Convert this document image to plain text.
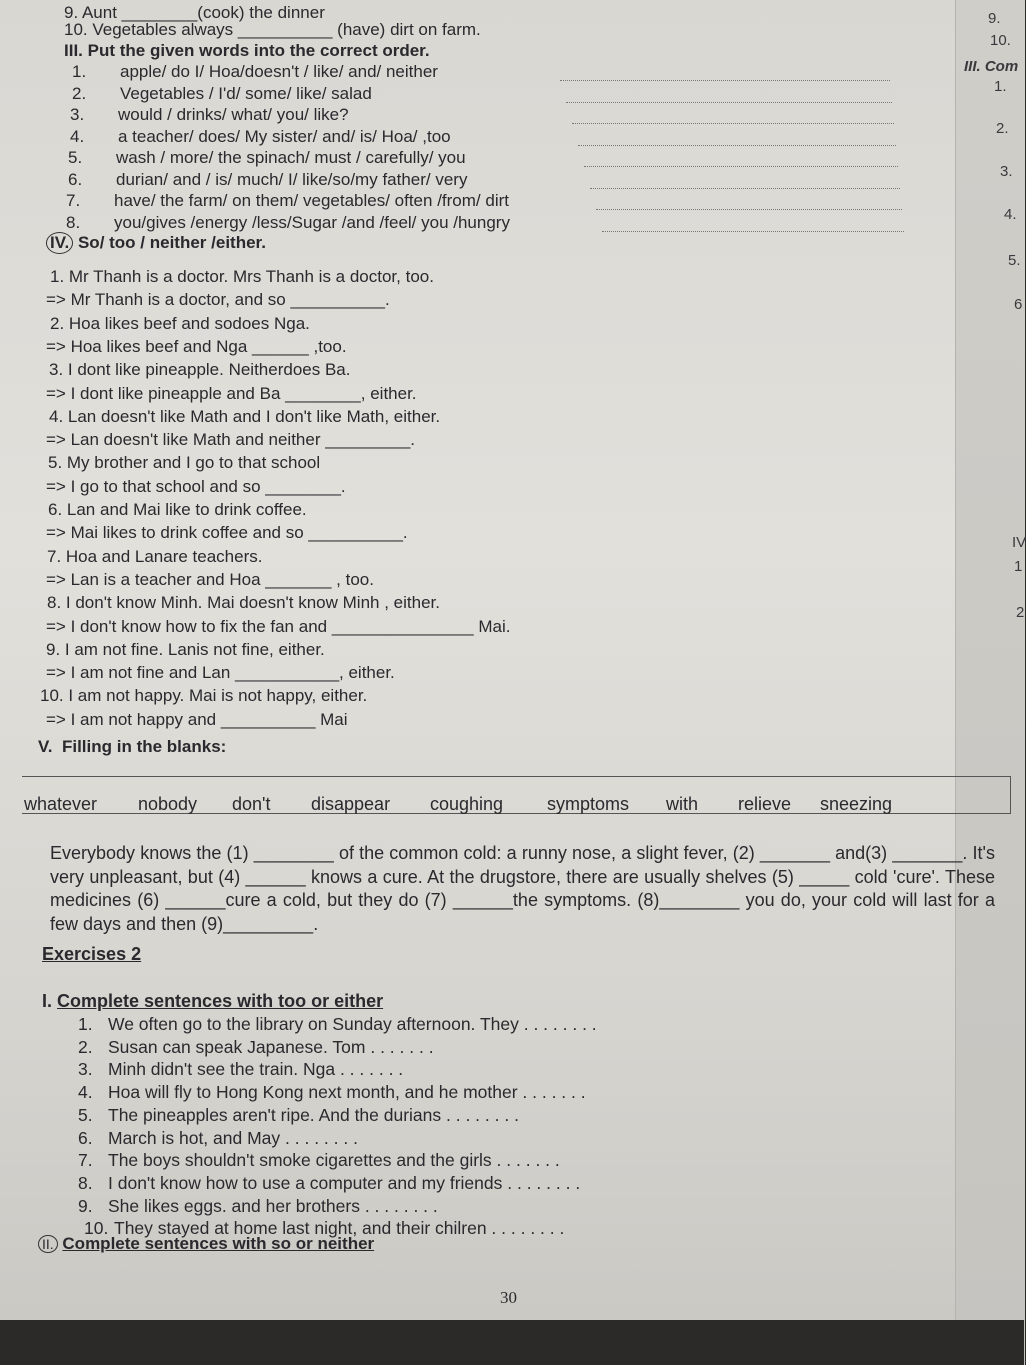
9.
10.
III. Com
1.
2.
3.
4.
5.
6
IV
1
2
9. Aunt ________(cook) the dinner
10. Vegetables always __________ (have) dirt on farm.
III. Put the given words into the correct order.
1. apple/ do I/ Hoa/doesn't / like/ and/ neither
2. Vegetables / I'd/ some/ like/ salad
3. would / drinks/ what/ you/ like?
4. a teacher/ does/ My sister/ and/ is/ Hoa/ ,too
5. wash / more/ the spinach/ must / carefully/ you
6. durian/ and / is/ much/ I/ like/so/my father/ very
7. have/ the farm/ on them/ vegetables/ often /from/ dirt
8. you/gives /energy /less/Sugar /and /feel/ you /hungry
IV. So/ too / neither /either.
1. Mr Thanh is a doctor. Mrs Thanh is a doctor, too.
=> Mr Thanh is a doctor, and so __________.
2. Hoa likes beef and sodoes Nga.
=> Hoa likes beef and Nga ______ ,too.
3. I dont like pineapple. Neitherdoes Ba.
=> I dont like pineapple and Ba ________, either.
4. Lan doesn't like Math and I don't like Math, either.
=> Lan doesn't like Math and neither _________.
5. My brother and I go to that school
=> I go to that school and so ________.
6. Lan and Mai like to drink coffee.
=> Mai likes to drink coffee and so __________.
7. Hoa and Lanare teachers.
=> Lan is a teacher and Hoa _______ , too.
8. I don't know Minh. Mai doesn't know Minh , either.
=> I don't know how to fix the fan and _______________ Mai.
9. I am not fine. Lanis not fine, either.
=> I am not fine and Lan ___________, either.
10. I am not happy. Mai is not happy, either.
=> I am not happy and __________ Mai
V. Filling in the blanks:
whatever nobody don't disappear coughing symptoms with relieve sneezing
Everybody knows the (1) ________ of the common cold: a runny nose, a slight fever, (2) _______ and(3) _______. It's very unpleasant, but (4) ______ knows a cure. At the drugstore, there are usually shelves (5) _____ cold 'cure'. These medicines (6) ______cure a cold, but they do (7) ______the symptoms. (8)________ you do, your cold will last for a few days and then (9)_________.
Exercises 2
I. Complete sentences with too or either
1. We often go to the library on Sunday afternoon. They . . . . . . . .
2. Susan can speak Japanese. Tom . . . . . . .
3. Minh didn't see the train. Nga . . . . . . .
4. Hoa will fly to Hong Kong next month, and he mother . . . . . . .
5. The pineapples aren't ripe. And the durians . . . . . . . .
6. March is hot, and May . . . . . . . .
7. The boys shouldn't smoke cigarettes and the girls . . . . . . .
8. I don't know how to use a computer and my friends . . . . . . . .
9. She likes eggs. and her brothers . . . . . . . .
10. They stayed at home last night, and their chilren . . . . . . . .
II. Complete sentences with so or neither
30
